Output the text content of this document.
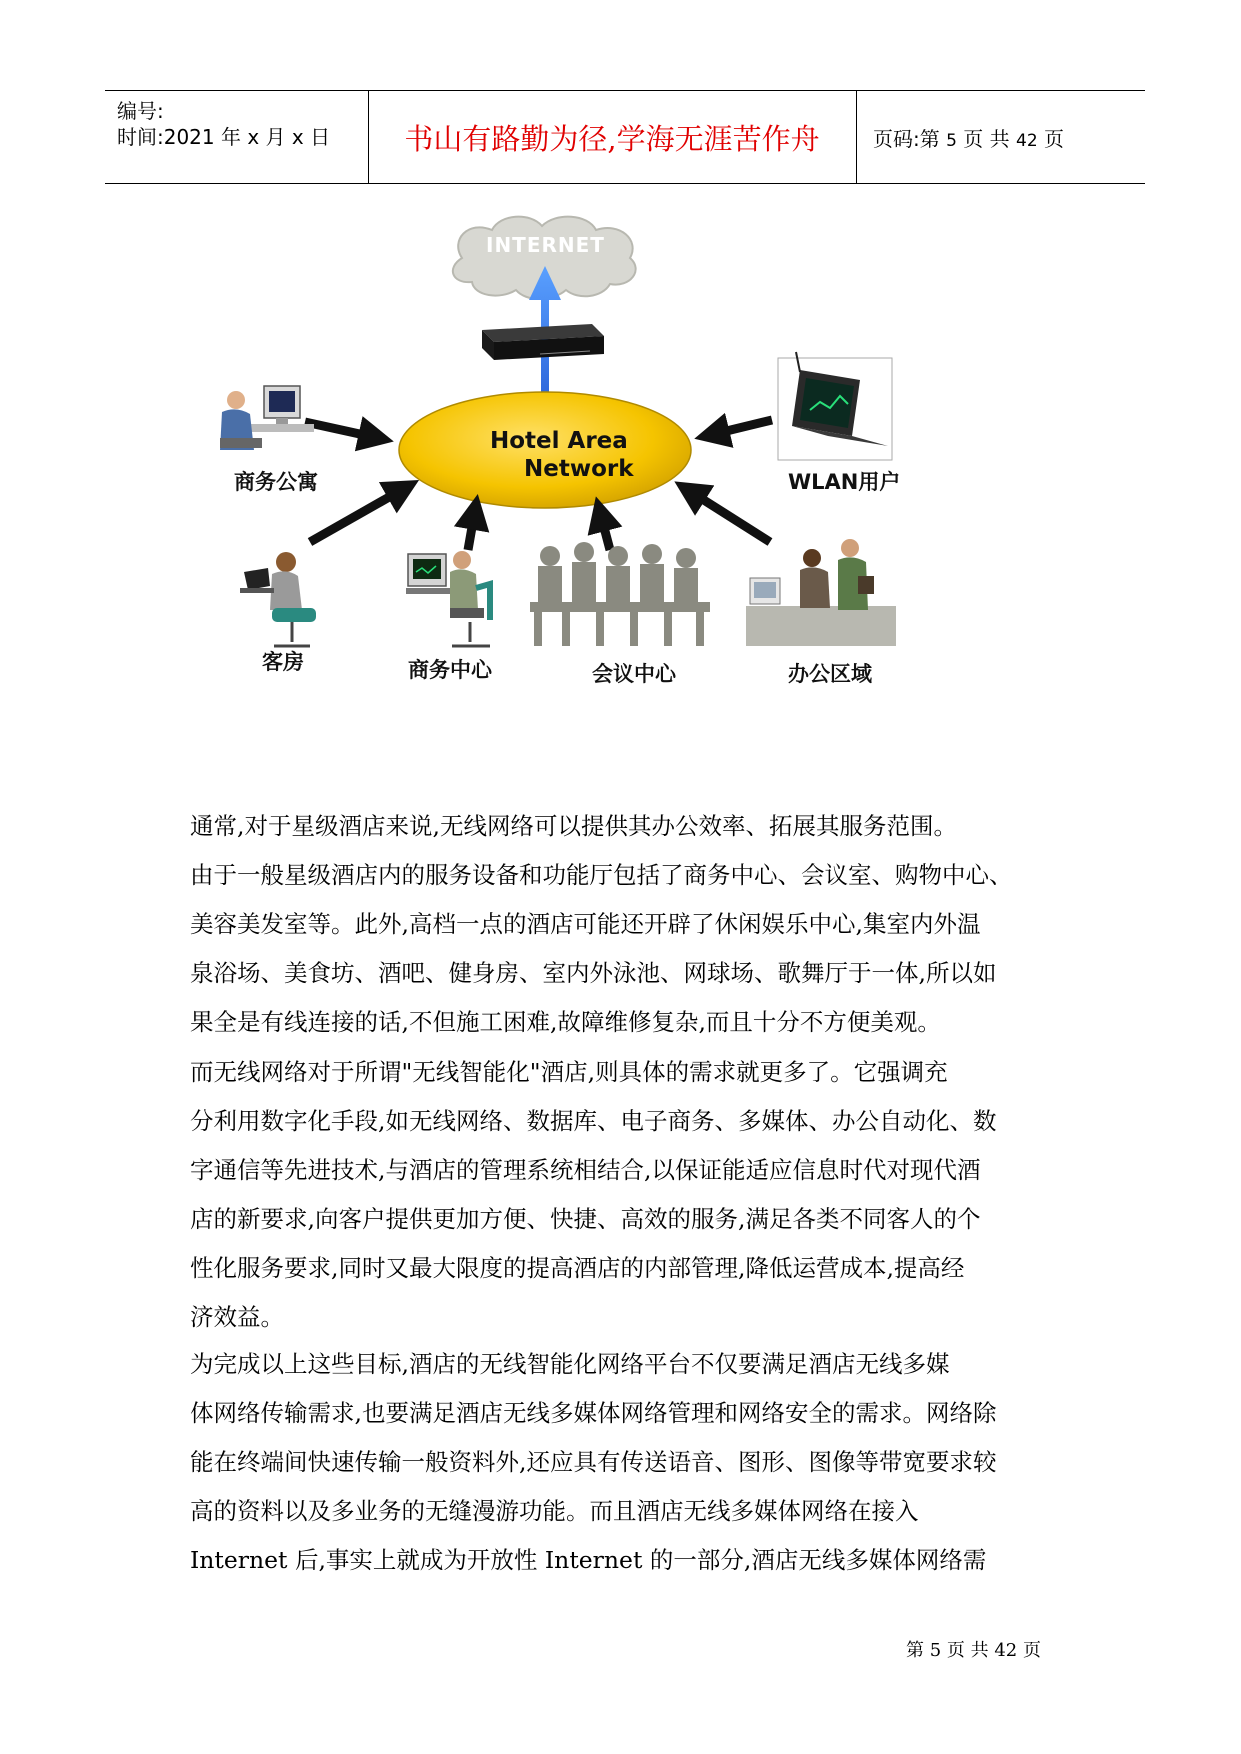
编号:
时间:2021 年 x 月 x 日	书山有路勤为径,学海无涯苦作舟	页码:第 5 页 共 42 页
INTERNET
Hotel Area
Network
商务公寓	WLAN用户
客房	商务中心	会议中心	办公区域
通常,对于星级酒店来说,无线网络可以提供其办公效率、拓展其服务范围。
由于一般星级酒店内的服务设备和功能厅包括了商务中心、会议室、购物中心、
美容美发室等。此外,高档一点的酒店可能还开辟了休闲娱乐中心,集室内外温
泉浴场、美食坊、酒吧、健身房、室内外泳池、网球场、歌舞厅于一体,所以如
果全是有线连接的话,不但施工困难,故障维修复杂,而且十分不方便美观。
而无线网络对于所谓"无线智能化"酒店,则具体的需求就更多了。它强调充
分利用数字化手段,如无线网络、数据库、电子商务、多媒体、办公自动化、数
字通信等先进技术,与酒店的管理系统相结合,以保证能适应信息时代对现代酒
店的新要求,向客户提供更加方便、快捷、高效的服务,满足各类不同客人的个
性化服务要求,同时又最大限度的提高酒店的内部管理,降低运营成本,提高经
济效益。
为完成以上这些目标,酒店的无线智能化网络平台不仅要满足酒店无线多媒
体网络传输需求,也要满足酒店无线多媒体网络管理和网络安全的需求。网络除
能在终端间快速传输一般资料外,还应具有传送语音、图形、图像等带宽要求较
高的资料以及多业务的无缝漫游功能。而且酒店无线多媒体网络在接入
Internet 后,事实上就成为开放性 Internet 的一部分,酒店无线多媒体网络需
第 5 页 共 42 页
